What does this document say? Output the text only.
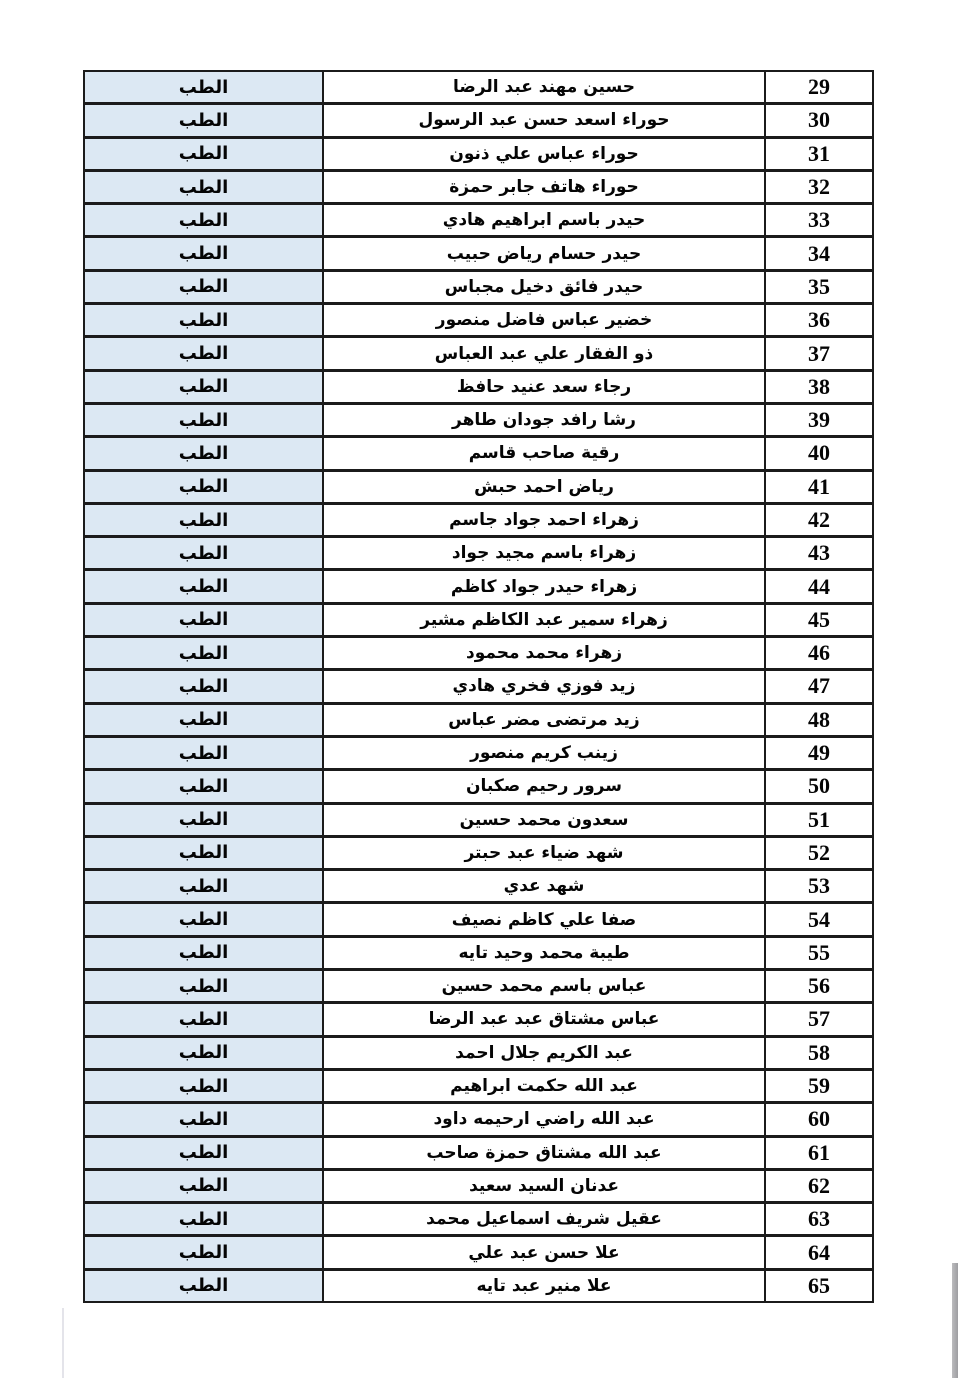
الطب	حسين مهند عبد الرضا	29
الطب	حوراء اسعد حسن عبد الرسول	30
الطب	حوراء عباس علي ذنون	31
الطب	حوراء هاتف جابر حمزة	32
الطب	حيدر باسم ابراهيم هادي	33
الطب	حيدر حسام رياض حبيب	34
الطب	حيدر فائق دخيل مجباس	35
الطب	خضير عباس فاضل منصور	36
الطب	ذو الفقار علي عبد العباس	37
الطب	رجاء سعد عنيد حافظ	38
الطب	رشا رافد جودان طاهر	39
الطب	رقية صاحب قاسم	40
الطب	رياض احمد حبش	41
الطب	زهراء احمد جواد جاسم	42
الطب	زهراء باسم مجيد جواد	43
الطب	زهراء حيدر جواد كاظم	44
الطب	زهراء سمير عبد الكاظم مشير	45
الطب	زهراء محمد محمود	46
الطب	زيد فوزي فخري هادي	47
الطب	زيد مرتضى مضر عباس	48
الطب	زينب كريم منصور	49
الطب	سرور رحيم صكبان	50
الطب	سعدون محمد حسين	51
الطب	شهد ضياء عبد حبتر	52
الطب	شهد عدي	53
الطب	صفا علي كاظم نصيف	54
الطب	طيبة محمد وحيد تايه	55
الطب	عباس باسم محمد حسين	56
الطب	عباس مشتاق عبد عبد الرضا	57
الطب	عبد الكريم جلال احمد	58
الطب	عبد الله حكمت ابراهيم	59
الطب	عبد الله راضي ارحيمه داود	60
الطب	عبد الله مشتاق حمزة صاحب	61
الطب	عدنان السيد سعيد	62
الطب	عقيل شريف اسماعيل محمد	63
الطب	علا حسن عبد علي	64
الطب	علا منير عبد تايه	65
